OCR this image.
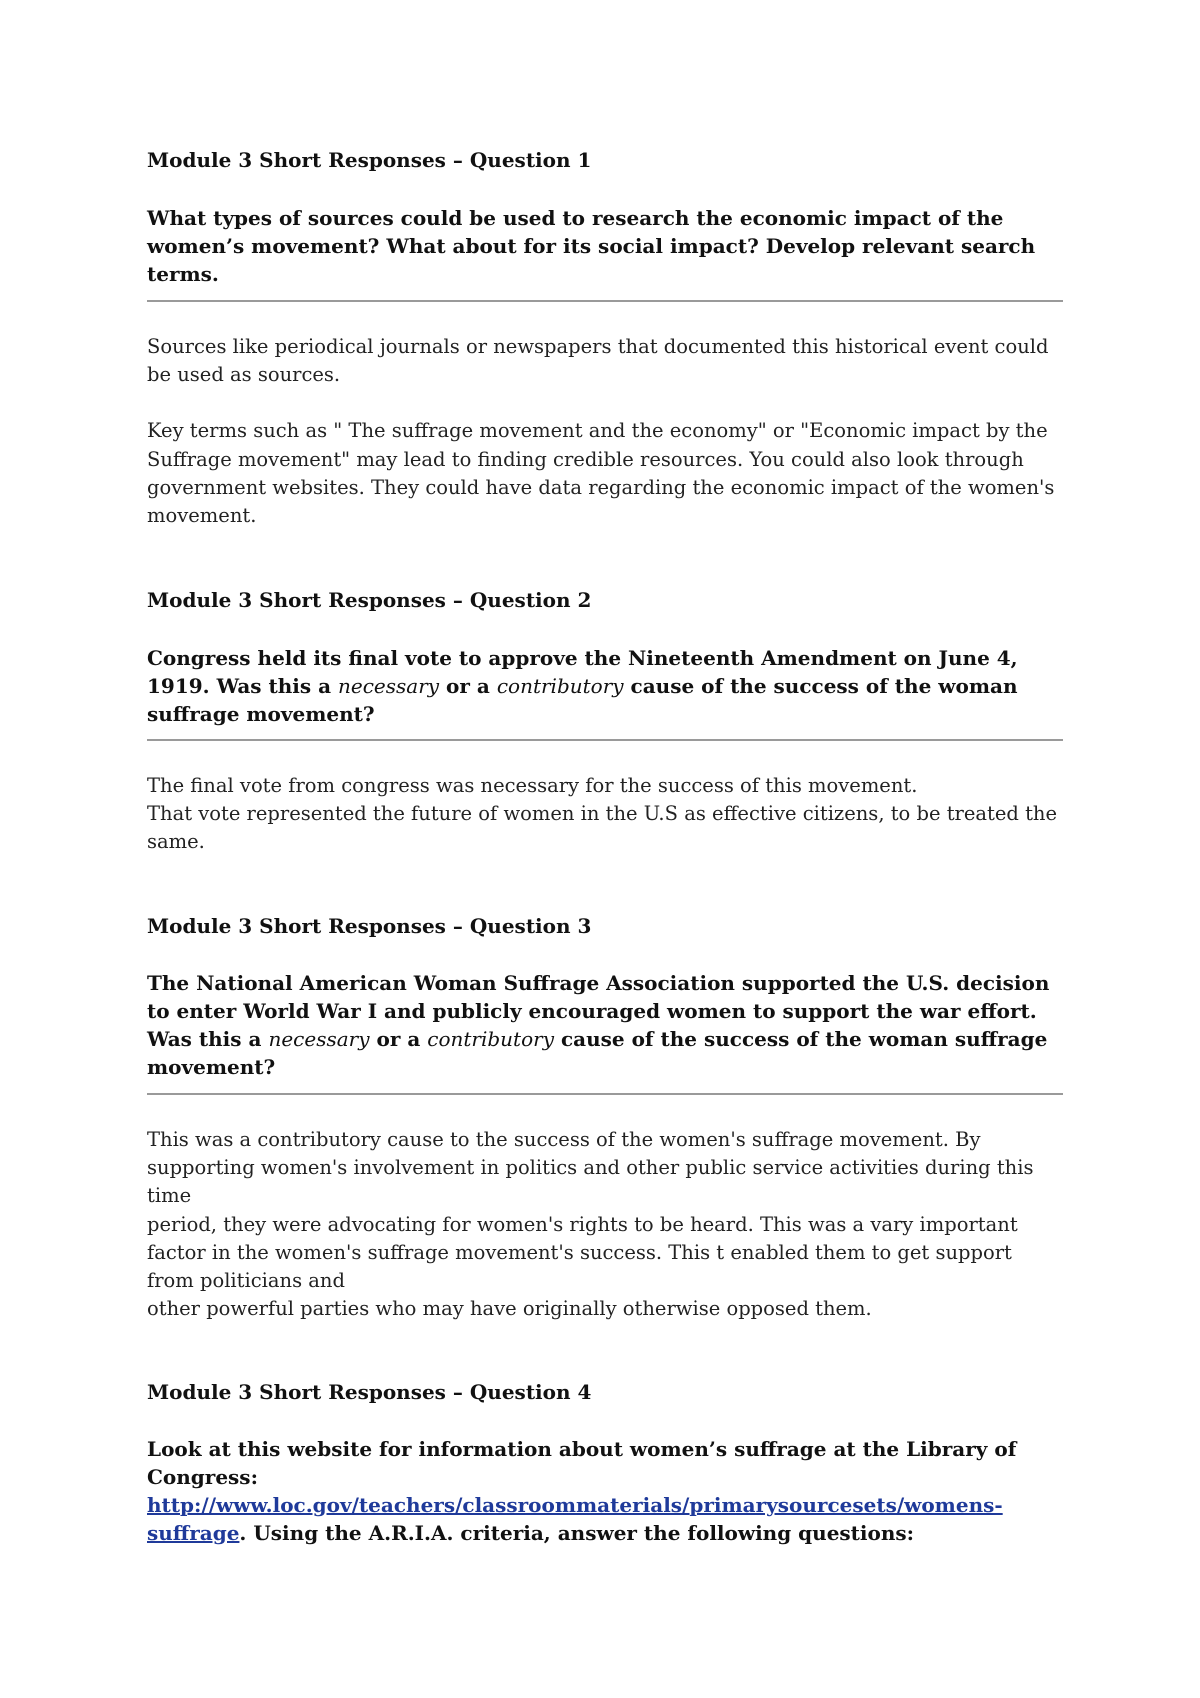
Module 3 Short Responses – Question 1
What types of sources could be used to research the economic impact of the women’s movement? What about for its social impact? Develop relevant search terms.

Sources like periodical journals or newspapers that documented this historical event could be used as sources.

Key terms such as " The suffrage movement and the economy" or "Economic impact by the Suffrage movement" may lead to finding credible resources. You could also look through government websites. They could have data regarding the economic impact of the women's movement.

Module 3 Short Responses – Question 2
Congress held its final vote to approve the Nineteenth Amendment on June 4, 1919. Was this a necessary or a contributory cause of the success of the woman suffrage movement?

The final vote from congress was necessary for the success of this movement.

That vote represented the future of women in the U.S as effective citizens, to be treated the same.

Module 3 Short Responses – Question 3
The National American Woman Suffrage Association supported the U.S. decision to enter World War I and publicly encouraged women to support the war effort. Was this a necessary or a contributory cause of the success of the woman suffrage movement?

This was a contributory cause to the success of the women's suffrage movement. By supporting women's involvement in politics and other public service activities during this time

period, they were advocating for women's rights to be heard. This was a vary important factor in the women's suffrage movement's success. This t enabled them to get support from politicians and

other powerful parties who may have originally otherwise opposed them.

Module 3 Short Responses – Question 4
Look at this website for information about women’s suffrage at the Library of Congress: http://www.loc.gov/teachers/classroommaterials/primarysourcesets/womens-suffrage. Using the A.R.I.A. criteria, answer the following questions:
